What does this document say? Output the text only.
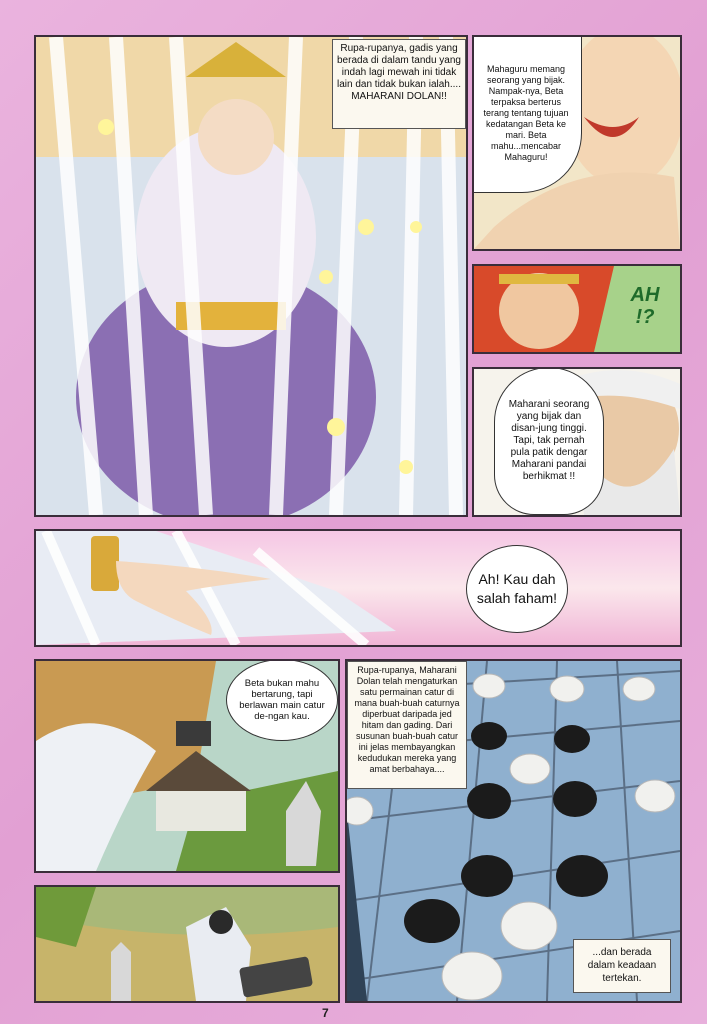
Rupa-rupanya, gadis yang berada di dalam tandu yang indah lagi mewah ini tidak lain dan tidak bukan ialah.... MAHARANI DOLAN!!
Mahaguru memang seorang yang bijak. Nampak-nya, Beta terpaksa berterus terang tentang tujuan kedatangan Beta ke mari. Beta mahu...mencabar Mahaguru!
AH !?
Maharani seorang yang bijak dan disan-jung tinggi. Tapi, tak pernah pula patik dengar Maharani pandai berhikmat !!
Ah! Kau dah salah faham!
Beta bukan mahu bertarung, tapi berlawan main catur de-ngan kau.
Rupa-rupanya, Maharani Dolan telah mengaturkan satu permainan catur di mana buah-buah caturnya diperbuat daripada jed hitam dan gading. Dari susunan buah-buah catur ini jelas membayangkan kedudukan mereka yang amat berbahaya....
...dan berada dalam keadaan tertekan.
7
